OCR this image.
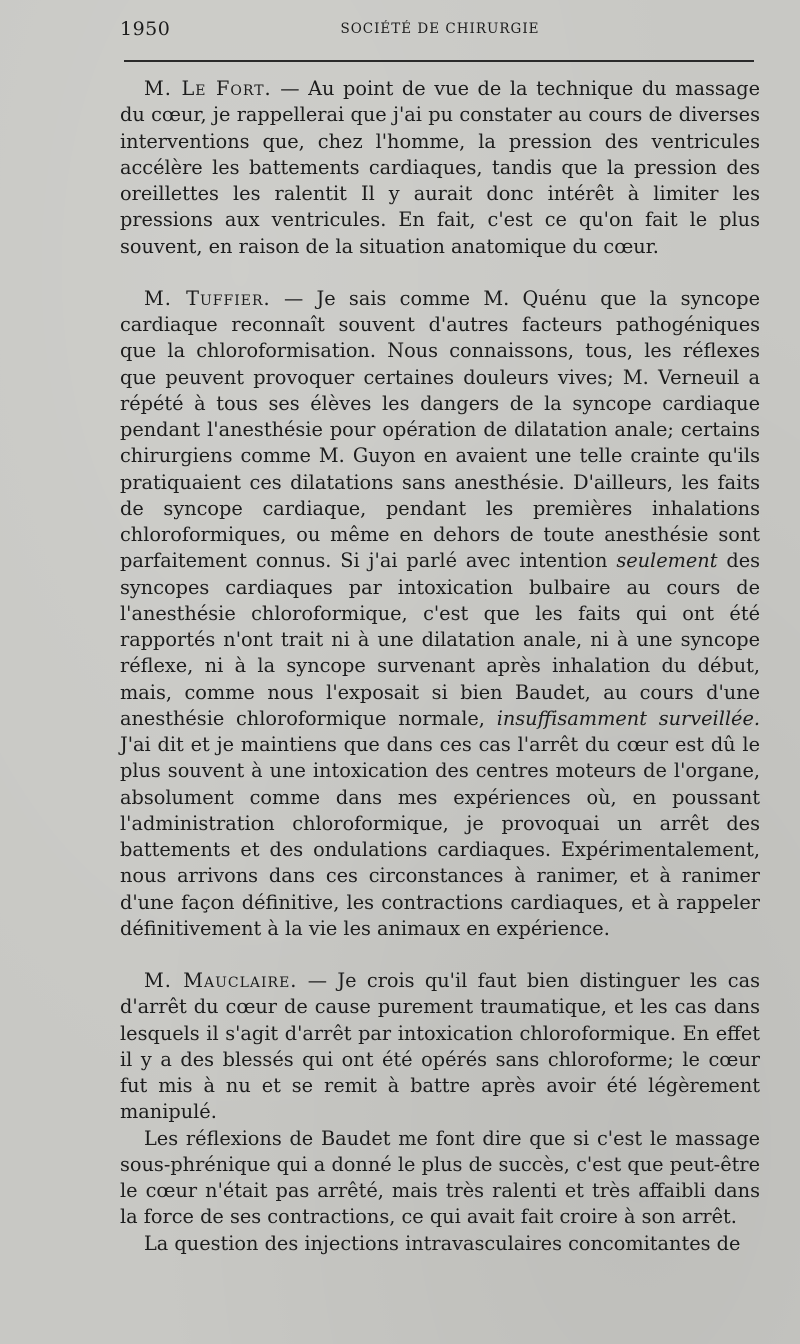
1950	SOCIÉTÉ DE CHIRURGIE

M. Le Fort. — Au point de vue de la technique du massage du cœur, je rappellerai que j'ai pu constater au cours de diverses interventions que, chez l'homme, la pression des ventricules accélère les battements cardiaques, tandis que la pression des oreillettes les ralentit Il y aurait donc intérêt à limiter les pressions aux ventricules. En fait, c'est ce qu'on fait le plus souvent, en raison de la situation anatomique du cœur.

M. Tuffier. — Je sais comme M. Quénu que la syncope cardiaque reconnaît souvent d'autres facteurs pathogéniques que la chloroformisation. Nous connaissons, tous, les réflexes que peuvent provoquer certaines douleurs vives; M. Verneuil a répété à tous ses élèves les dangers de la syncope cardiaque pendant l'anesthésie pour opération de dilatation anale; certains chirurgiens comme M. Guyon en avaient une telle crainte qu'ils pratiquaient ces dilatations sans anesthésie. D'ailleurs, les faits de syncope cardiaque, pendant les premières inhalations chloroformiques, ou même en dehors de toute anesthésie sont parfaitement connus. Si j'ai parlé avec intention seulement des syncopes cardiaques par intoxication bulbaire au cours de l'anesthésie chloroformique, c'est que les faits qui ont été rapportés n'ont trait ni à une dilatation anale, ni à une syncope réflexe, ni à la syncope survenant après inhalation du début, mais, comme nous l'exposait si bien Baudet, au cours d'une anesthésie chloroformique normale, insuffisamment surveillée. J'ai dit et je maintiens que dans ces cas l'arrêt du cœur est dû le plus souvent à une intoxication des centres moteurs de l'organe, absolument comme dans mes expériences où, en poussant l'administration chloroformique, je provoquai un arrêt des battements et des ondulations cardiaques. Expérimentalement, nous arrivons dans ces circonstances à ranimer, et à ranimer d'une façon définitive, les contractions cardiaques, et à rappeler définitivement à la vie les animaux en expérience.

M. Mauclaire. — Je crois qu'il faut bien distinguer les cas d'arrêt du cœur de cause purement traumatique, et les cas dans lesquels il s'agit d'arrêt par intoxication chloroformique. En effet il y a des blessés qui ont été opérés sans chloroforme; le cœur fut mis à nu et se remit à battre après avoir été légèrement manipulé.

Les réflexions de Baudet me font dire que si c'est le massage sous-phrénique qui a donné le plus de succès, c'est que peut-être le cœur n'était pas arrêté, mais très ralenti et très affaibli dans la force de ses contractions, ce qui avait fait croire à son arrêt.

La question des injections intravasculaires concomitantes de
